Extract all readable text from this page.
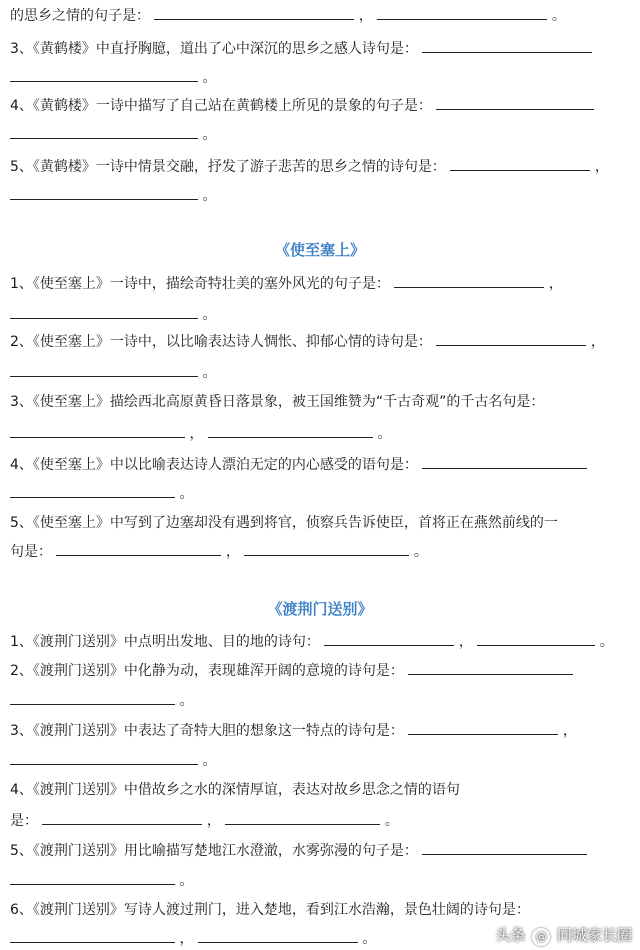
的思乡之情的句子是：	，	。
3、《黄鹤楼》中直抒胸臆，道出了心中深沉的思乡之感人诗句是：
。
4、《黄鹤楼》一诗中描写了自己站在黄鹤楼上所见的景象的句子是：
。
5、《黄鹤楼》一诗中情景交融，抒发了游子悲苦的思乡之情的诗句是：	，
。
《使至塞上》
1、《使至塞上》一诗中，描绘奇特壮美的塞外风光的句子是：	，
。
2、《使至塞上》一诗中，以比喻表达诗人惆怅、抑郁心情的诗句是：	，
。
3、《使至塞上》描绘西北高原黄昏日落景象，被王国维赞为“千古奇观”的千古名句是：
，	。
4、《使至塞上》中以比喻表达诗人漂泊无定的内心感受的语句是：
。
5、《使至塞上》中写到了边塞却没有遇到将官，侦察兵告诉使臣，首将正在燕然前线的一
句是：	，	。
《渡荆门送别》
1、《渡荆门送别》中点明出发地、目的地的诗句：	，	。
2、《渡荆门送别》中化静为动，表现雄浑开阔的意境的诗句是：
。
3、《渡荆门送别》中表达了奇特大胆的想象这一特点的诗句是：	，
。
4、《渡荆门送别》中借故乡之水的深情厚谊，表达对故乡思念之情的语句
是：	，	。
5、《渡荆门送别》用比喻描写楚地江水澄澈，水雾弥漫的句子是：
。
6、《渡荆门送别》写诗人渡过荆门，进入楚地，看到江水浩瀚，景色壮阔的诗句是：
，	。	头条 @ 同城家长圈
